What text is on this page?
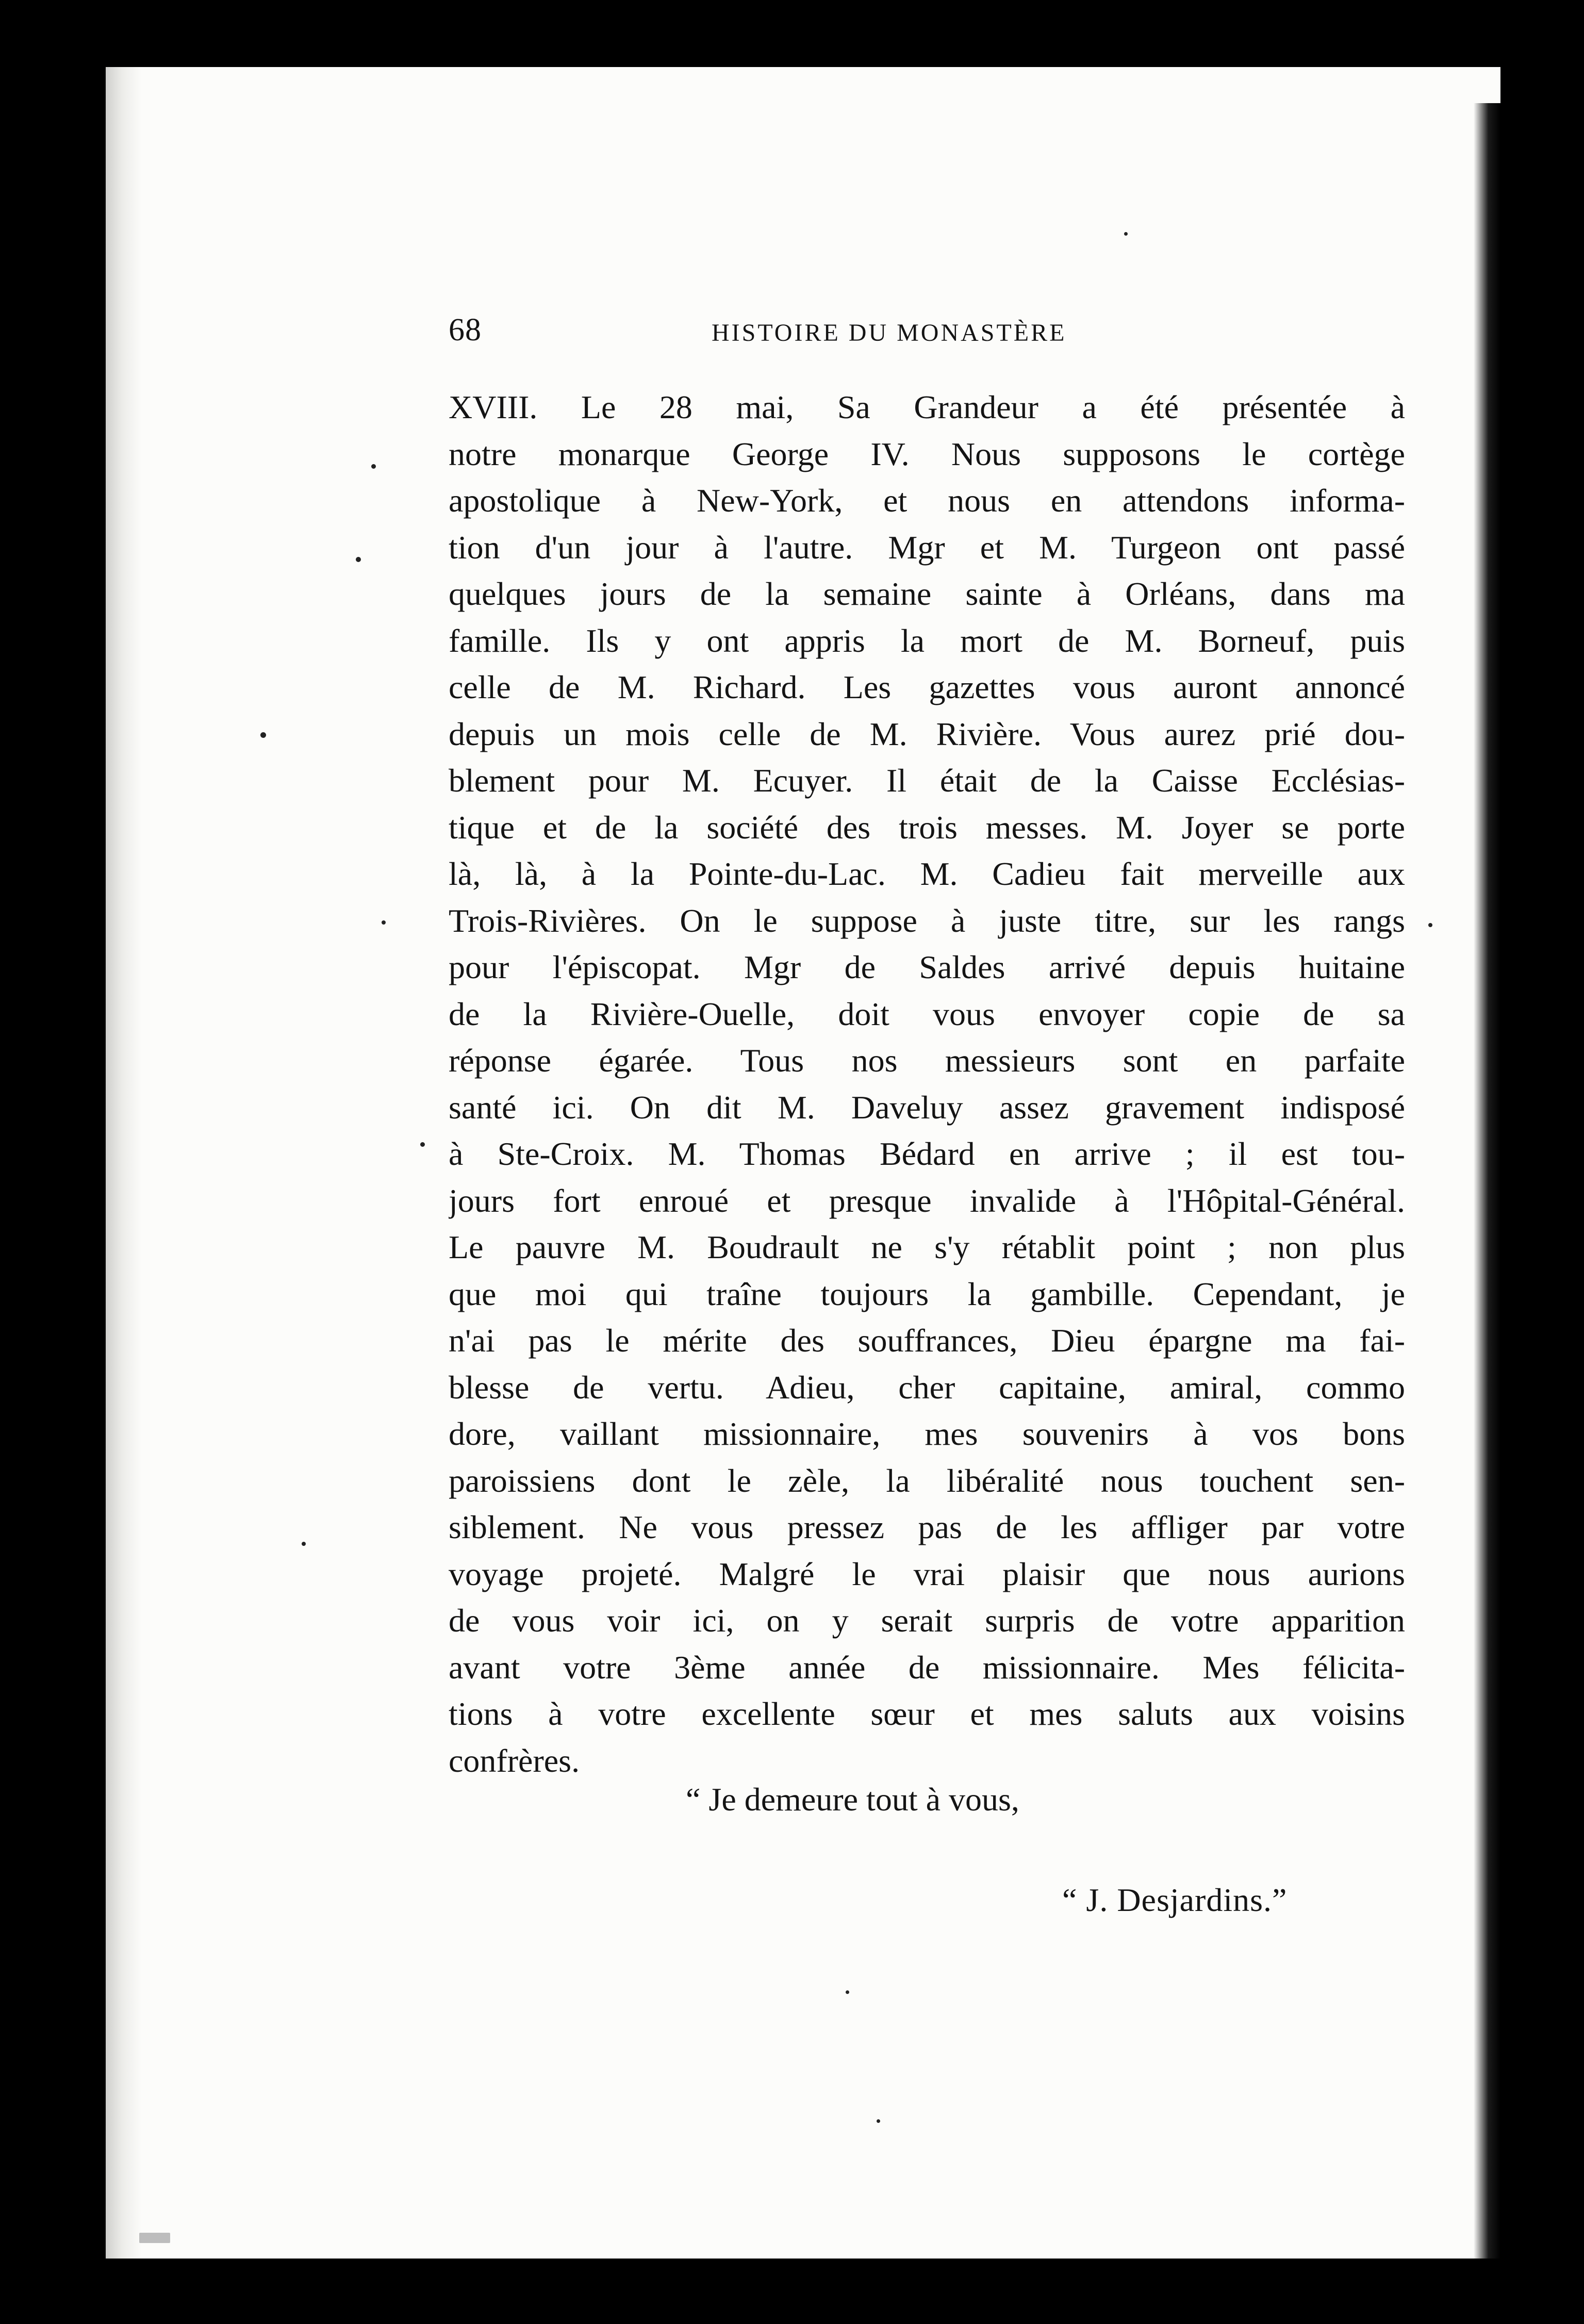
68	HISTOIRE DU MONASTÈRE
XVIII. Le 28 mai, Sa Grandeur a été présentée à
notre monarque George IV. Nous supposons le cortège
apostolique à New-York, et nous en attendons informa-
tion d'un jour à l'autre. Mgr et M. Turgeon ont passé
quelques jours de la semaine sainte à Orléans, dans ma
famille. Ils y ont appris la mort de M. Borneuf, puis
celle de M. Richard. Les gazettes vous auront annoncé
depuis un mois celle de M. Rivière. Vous aurez prié dou-
blement pour M. Ecuyer. Il était de la Caisse Ecclésias-
tique et de la société des trois messes. M. Joyer se porte
là, là, à la Pointe-du-Lac. M. Cadieu fait merveille aux
Trois-Rivières. On le suppose à juste titre, sur les rangs
pour l'épiscopat. Mgr de Saldes arrivé depuis huitaine
de la Rivière-Ouelle, doit vous envoyer copie de sa
réponse égarée. Tous nos messieurs sont en parfaite
santé ici. On dit M. Daveluy assez gravement indisposé
à Ste-Croix. M. Thomas Bédard en arrive ; il est tou-
jours fort enroué et presque invalide à l'Hôpital-Général.
Le pauvre M. Boudrault ne s'y rétablit point ; non plus
que moi qui traîne toujours la gambille. Cependant, je
n'ai pas le mérite des souffrances, Dieu épargne ma fai-
blesse de vertu. Adieu, cher capitaine, amiral, commo
dore, vaillant missionnaire, mes souvenirs à vos bons
paroissiens dont le zèle, la libéralité nous touchent sen-
siblement. Ne vous pressez pas de les affliger par votre
voyage projeté. Malgré le vrai plaisir que nous aurions
de vous voir ici, on y serait surpris de votre apparition
avant votre 3ème année de missionnaire. Mes félicita-
tions à votre excellente sœur et mes saluts aux voisins
confrères.
“ Je demeure tout à vous,
“ J. Desjardins.”
